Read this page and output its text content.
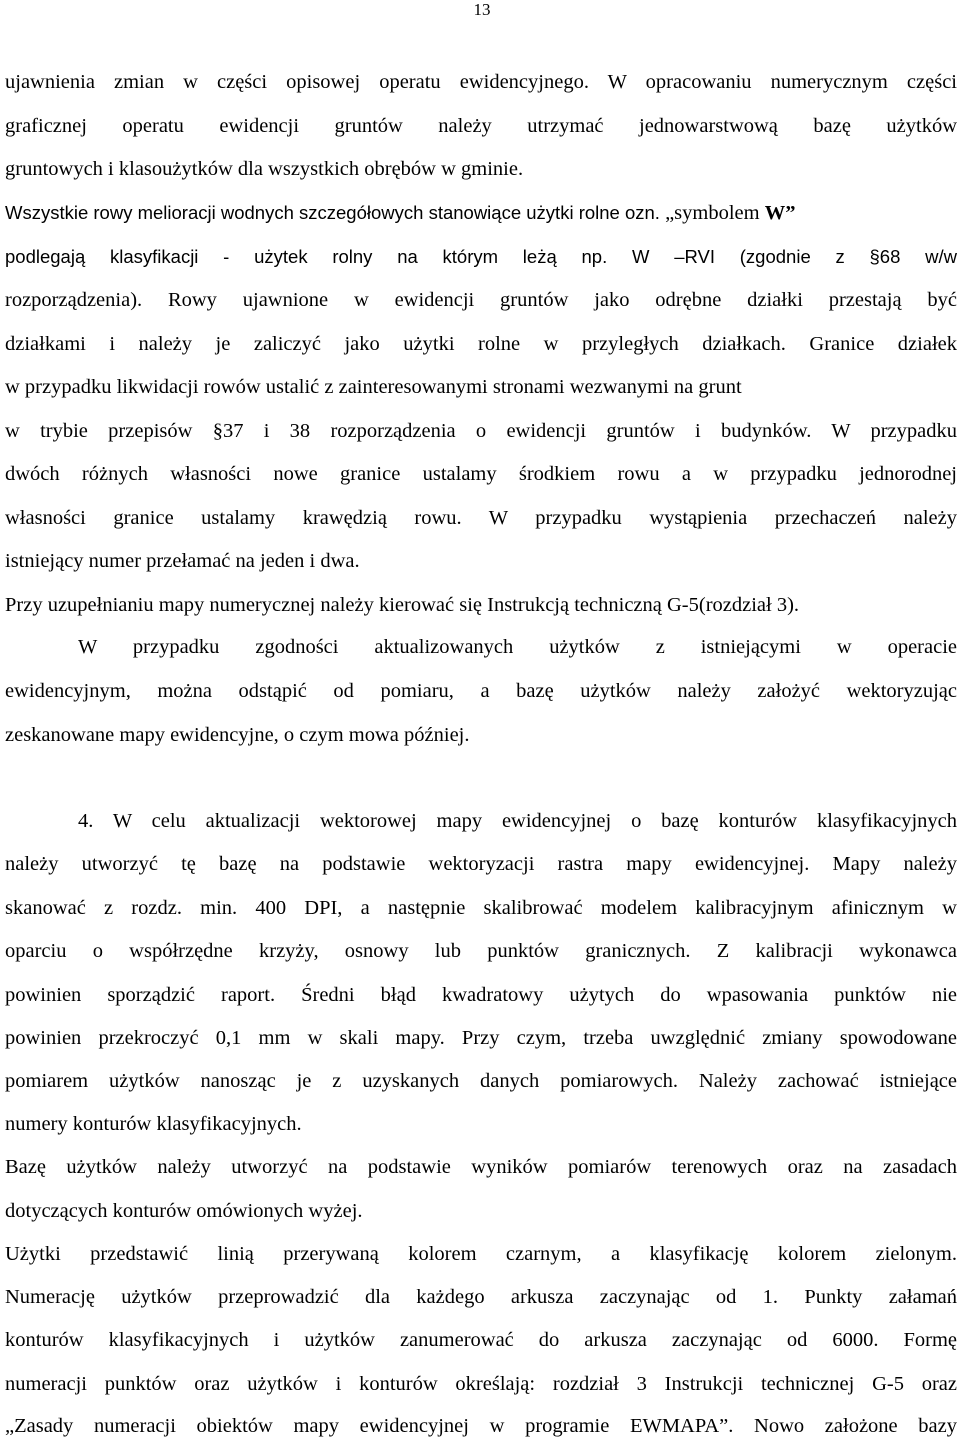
13
ujawnienia zmian w części opisowej operatu ewidencyjnego. W opracowaniu numerycznym części
graficznej operatu ewidencji gruntów należy utrzymać jednowarstwową bazę użytków
gruntowych i klasoużytków dla wszystkich obrębów w gminie.
Wszystkie rowy melioracji wodnych szczegółowych stanowiące użytki rolne ozn. „symbolem W”
podlegają klasyfikacji - użytek rolny na którym leżą np. W –RVI (zgodnie z §68 w/w
rozporządzenia). Rowy ujawnione w ewidencji gruntów jako odrębne działki przestają być
działkami i należy je zaliczyć jako użytki rolne w przyległych działkach. Granice działek
w przypadku likwidacji rowów ustalić z zainteresowanymi stronami wezwanymi na grunt
w trybie przepisów §37 i 38 rozporządzenia o ewidencji gruntów i budynków. W przypadku
dwóch różnych własności nowe granice ustalamy środkiem rowu a w przypadku jednorodnej
własności granice ustalamy krawędzią rowu. W przypadku wystąpienia przechaczeń należy
istniejący numer przełamać na jeden i dwa.
Przy uzupełnianiu mapy numerycznej należy kierować się Instrukcją techniczną G-5(rozdział 3).
W przypadku zgodności aktualizowanych użytków z istniejącymi w operacie
ewidencyjnym, można odstąpić od pomiaru, a bazę użytków należy założyć wektoryzując
zeskanowane mapy ewidencyjne, o czym mowa później.
4. W celu aktualizacji wektorowej mapy ewidencyjnej o bazę konturów klasyfikacyjnych
należy utworzyć tę bazę na podstawie wektoryzacji rastra mapy ewidencyjnej. Mapy należy
skanować z rozdz. min. 400 DPI, a następnie skalibrować modelem kalibracyjnym afinicznym w
oparciu o współrzędne krzyży, osnowy lub punktów granicznych. Z kalibracji wykonawca
powinien sporządzić raport. Średni błąd kwadratowy użytych do wpasowania punktów nie
powinien przekroczyć 0,1 mm w skali mapy. Przy czym, trzeba uwzględnić zmiany spowodowane
pomiarem użytków nanosząc je z uzyskanych danych pomiarowych. Należy zachować istniejące
numery konturów klasyfikacyjnych.
Bazę użytków należy utworzyć na podstawie wyników pomiarów terenowych oraz na zasadach
dotyczących konturów omówionych wyżej.
Użytki przedstawić linią przerywaną kolorem czarnym, a klasyfikację kolorem zielonym.
Numerację użytków przeprowadzić dla każdego arkusza zaczynając od 1. Punkty załamań
konturów klasyfikacyjnych i użytków zanumerować do arkusza zaczynając od 6000. Formę
numeracji punktów oraz użytków i konturów określają: rozdział 3 Instrukcji technicznej G-5 oraz
„Zasady numeracji obiektów mapy ewidencyjnej w programie EWMAPA”. Nowo założone bazy
